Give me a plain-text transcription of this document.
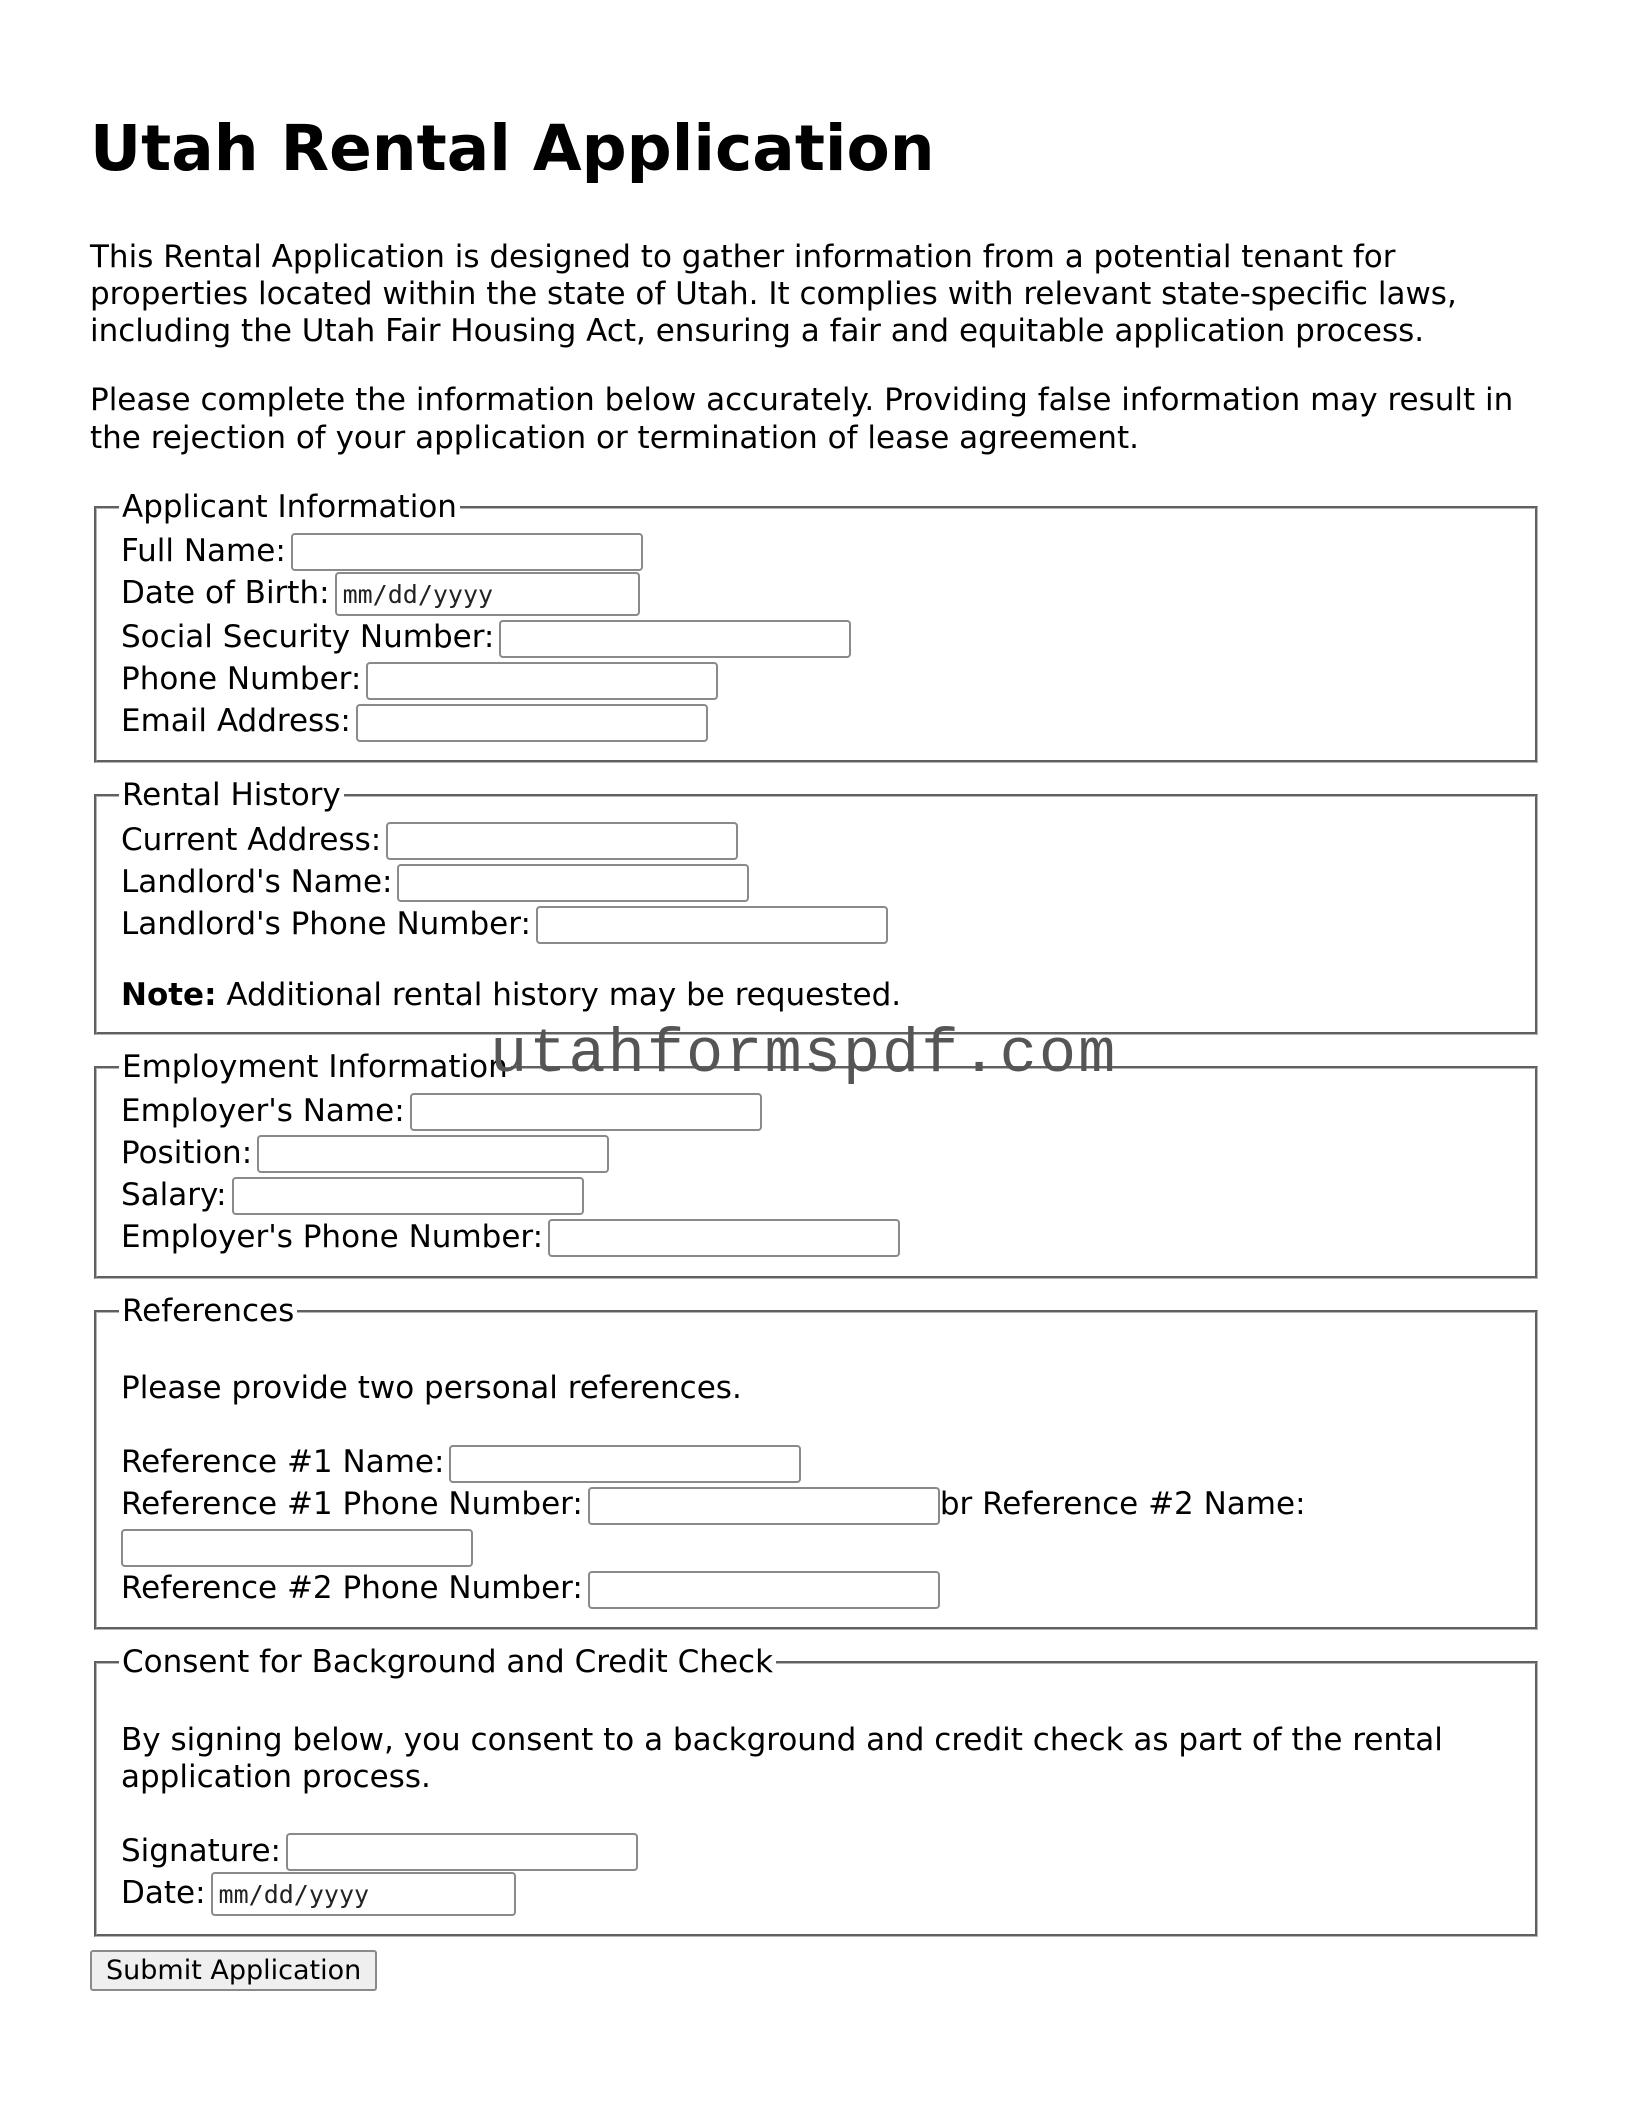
Utah Rental Application

This Rental Application is designed to gather information from a potential tenant for properties located within the state of Utah. It complies with relevant state-specific laws, including the Utah Fair Housing Act, ensuring a fair and equitable application process.

Please complete the information below accurately. Providing false information may result in the rejection of your application or termination of lease agreement.

Applicant Information
Full Name:
Date of Birth:mm/dd/yyyy
Social Security Number:
Phone Number:
Email Address:
Rental History
Current Address:
Landlord's Name:
Landlord's Phone Number:
Note: Additional rental history may be requested.
Employment Information
Employer's Name:
Position:
Salary:
Employer's Phone Number:
References
Please provide two personal references.
Reference #1 Name:
Reference #1 Phone Number:	br Reference #2 Name:
Reference #2 Phone Number:
Consent for Background and Credit Check
By signing below, you consent to a background and credit check as part of the rental application process.
Signature:
Date:mm/dd/yyyy
Submit Application
utahformspdf.com
